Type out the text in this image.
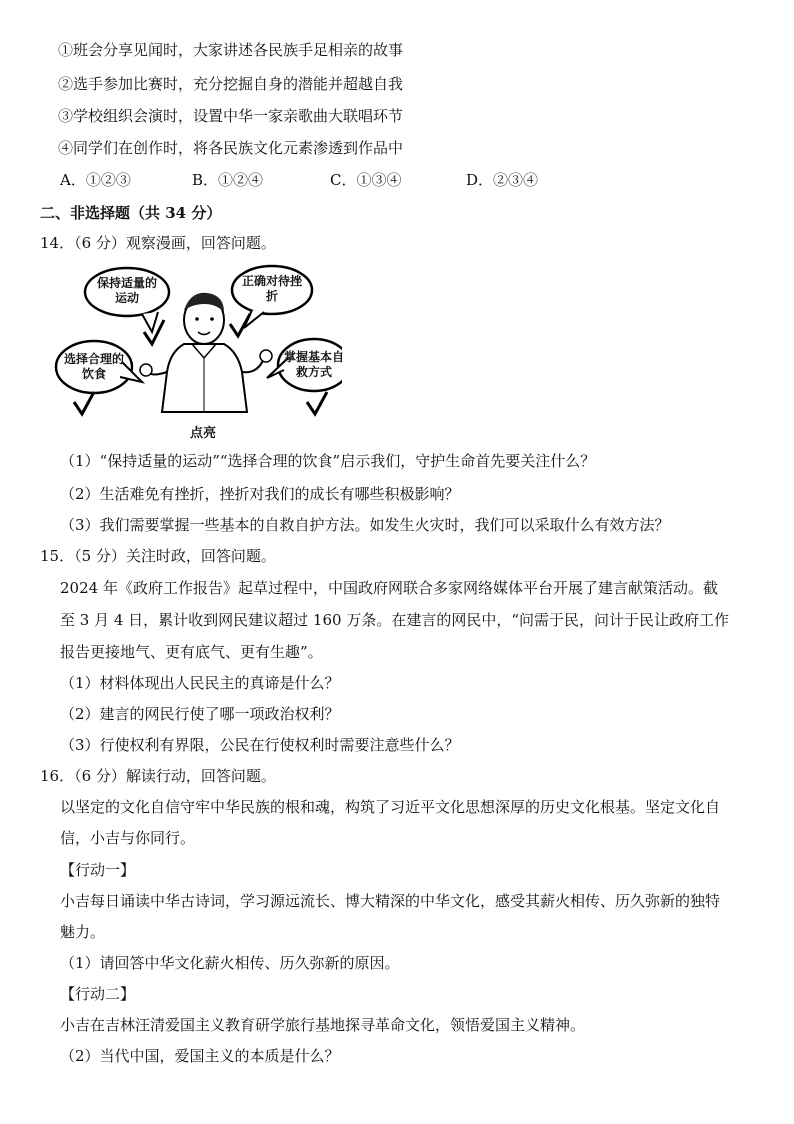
①班会分享见闻时，大家讲述各民族手足相亲的故事
②选手参加比赛时，充分挖掘自身的潜能并超越自我
③学校组织会演时，设置中华一家亲歌曲大联唱环节
④同学们在创作时，将各民族文化元素渗透到作品中
A．①②③	B．①②④	C．①③④	D．②③④
二、非选择题（共 34 分）
14．（6 分）观察漫画，回答问题。
保持适量的运动
正确对待挫折
选择合理的饮食
掌握基本自救方式
点亮
（1）“保持适量的运动”“选择合理的饮食”启示我们，守护生命首先要关注什么？
（2）生活难免有挫折，挫折对我们的成长有哪些积极影响？
（3）我们需要掌握一些基本的自救自护方法。如发生火灾时，我们可以采取什么有效方法？
15．（5 分）关注时政，回答问题。
2024 年《政府工作报告》起草过程中，中国政府网联合多家网络媒体平台开展了建言献策活动。截
至 3 月 4 日，累计收到网民建议超过 160 万条。在建言的网民中，“问需于民，问计于民让政府工作
报告更接地气、更有底气、更有生趣”。
（1）材料体现出人民民主的真谛是什么？
（2）建言的网民行使了哪一项政治权利？
（3）行使权利有界限，公民在行使权利时需要注意些什么？
16．（6 分）解读行动，回答问题。
以坚定的文化自信守牢中华民族的根和魂，构筑了习近平文化思想深厚的历史文化根基。坚定文化自
信，小吉与你同行。
【行动一】
小吉每日诵读中华古诗词，学习源远流长、博大精深的中华文化，感受其薪火相传、历久弥新的独特
魅力。
（1）请回答中华文化薪火相传、历久弥新的原因。
【行动二】
小吉在吉林汪清爱国主义教育研学旅行基地探寻革命文化，领悟爱国主义精神。
（2）当代中国，爱国主义的本质是什么？
